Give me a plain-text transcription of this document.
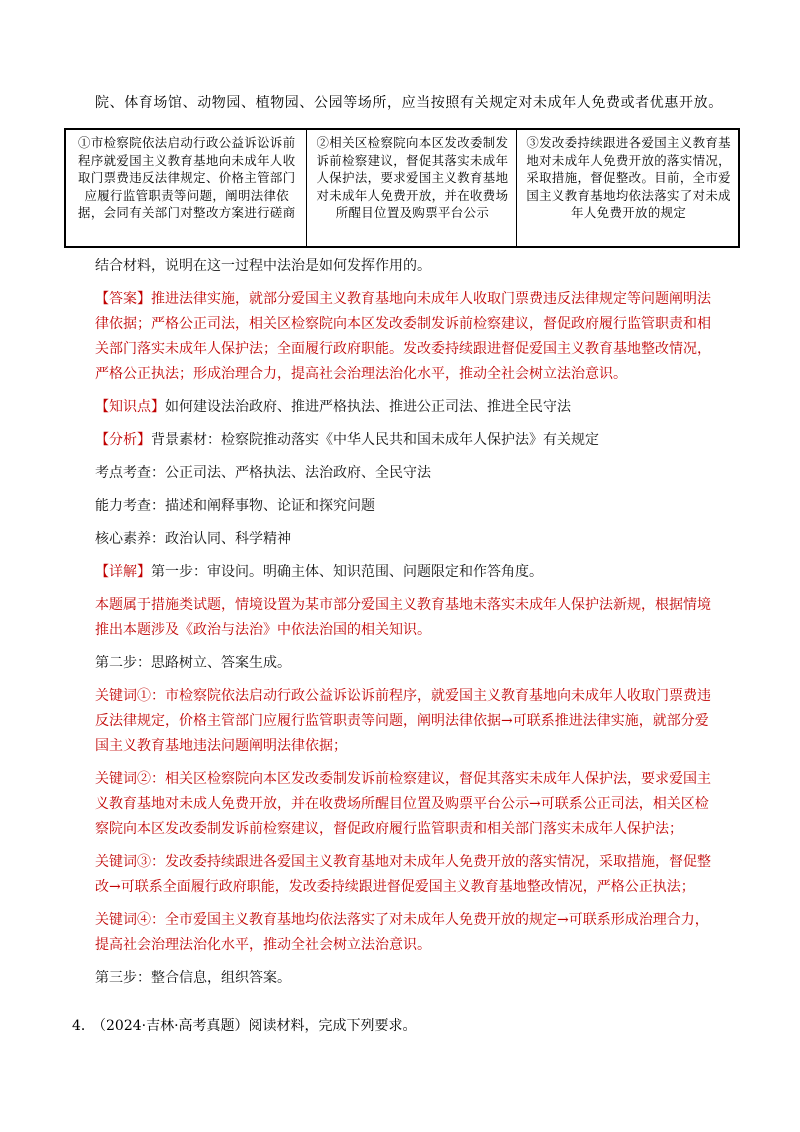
院、体育场馆、动物园、植物园、公园等场所，应当按照有关规定对未成年人免费或者优惠开放。
①市检察院依法启动行政公益诉讼诉前程序就爱国主义教育基地向未成年人收取门票费违反法律规定、价格主管部门应履行监管职责等问题，阐明法律依据，会同有关部门对整改方案进行磋商
②相关区检察院向本区发改委制发诉前检察建议，督促其落实未成年人保护法，要求爱国主义教育基地对未成年人免费开放，并在收费场所醒目位置及购票平台公示
③发改委持续跟进各爱国主义教育基地对未成年人免费开放的落实情况，采取措施，督促整改。目前，全市爱国主义教育基地均依法落实了对未成年人免费开放的规定

结合材料，说明在这一过程中法治是如何发挥作用的。

【答案】推进法律实施，就部分爱国主义教育基地向未成年人收取门票费违反法律规定等问题阐明法律依据；严格公正司法，相关区检察院向本区发改委制发诉前检察建议，督促政府履行监管职责和相关部门落实未成年人保护法；全面履行政府职能。发改委持续跟进督促爱国主义教育基地整改情况，严格公正执法；形成治理合力，提高社会治理法治化水平，推动全社会树立法治意识。

【知识点】如何建设法治政府、推进严格执法、推进公正司法、推进全民守法

【分析】背景素材：检察院推动落实《中华人民共和国未成年人保护法》有关规定

考点考查：公正司法、严格执法、法治政府、全民守法

能力考查：描述和阐释事物、论证和探究问题

核心素养：政治认同、科学精神

【详解】第一步：审设问。明确主体、知识范围、问题限定和作答角度。

本题属于措施类试题，情境设置为某市部分爱国主义教育基地未落实未成年人保护法新规，根据情境推出本题涉及《政治与法治》中依法治国的相关知识。

第二步：思路树立、答案生成。

关键词①：市检察院依法启动行政公益诉讼诉前程序，就爱国主义教育基地向未成年人收取门票费违反法律规定，价格主管部门应履行监管职责等问题，阐明法律依据→可联系推进法律实施，就部分爱国主义教育基地违法问题阐明法律依据；

关键词②：相关区检察院向本区发改委制发诉前检察建议，督促其落实未成年人保护法，要求爱国主义教育基地对未成人免费开放，并在收费场所醒目位置及购票平台公示→可联系公正司法，相关区检察院向本区发改委制发诉前检察建议，督促政府履行监管职责和相关部门落实未成年人保护法；

关键词③：发改委持续跟进各爱国主义教育基地对未成年人免费开放的落实情况，采取措施，督促整改→可联系全面履行政府职能，发改委持续跟进督促爱国主义教育基地整改情况，严格公正执法；

关键词④：全市爱国主义教育基地均依法落实了对未成年人免费开放的规定→可联系形成治理合力，提高社会治理法治化水平，推动全社会树立法治意识。

第三步：整合信息，组织答案。

4．（2024·吉林·高考真题）阅读材料，完成下列要求。
